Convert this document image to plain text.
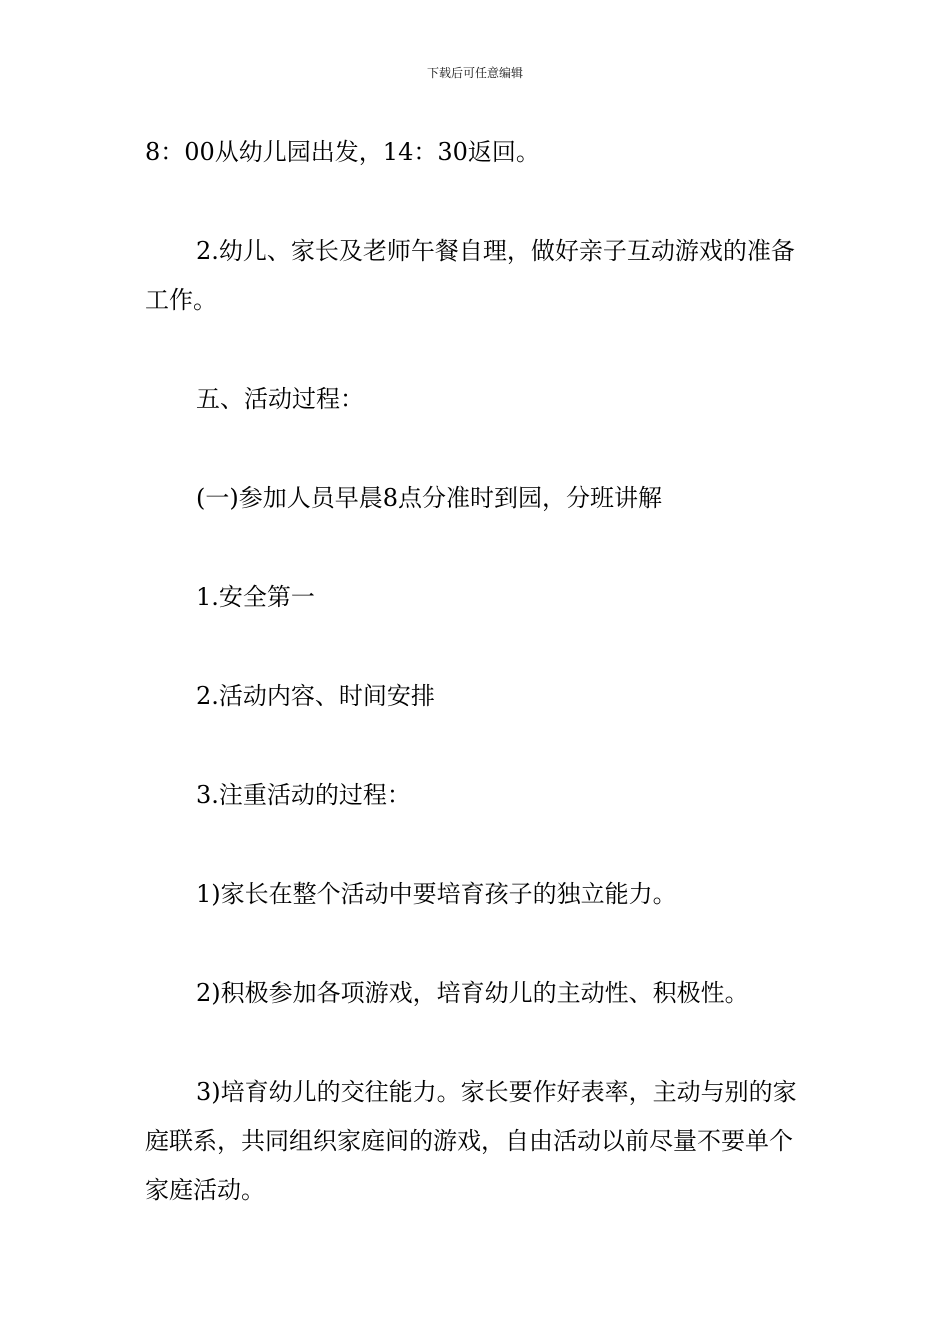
下载后可任意编辑

8：00从幼儿园出发，14：30返回。

2.幼儿、家长及老师午餐自理，做好亲子互动游戏的准备工作。

五、活动过程：

(一)参加人员早晨8点分准时到园，分班讲解

1.安全第一

2.活动内容、时间安排

3.注重活动的过程：

1)家长在整个活动中要培育孩子的独立能力。

2)积极参加各项游戏，培育幼儿的主动性、积极性。

3)培育幼儿的交往能力。家长要作好表率，主动与别的家庭联系，共同组织家庭间的游戏，自由活动以前尽量不要单个家庭活动。
